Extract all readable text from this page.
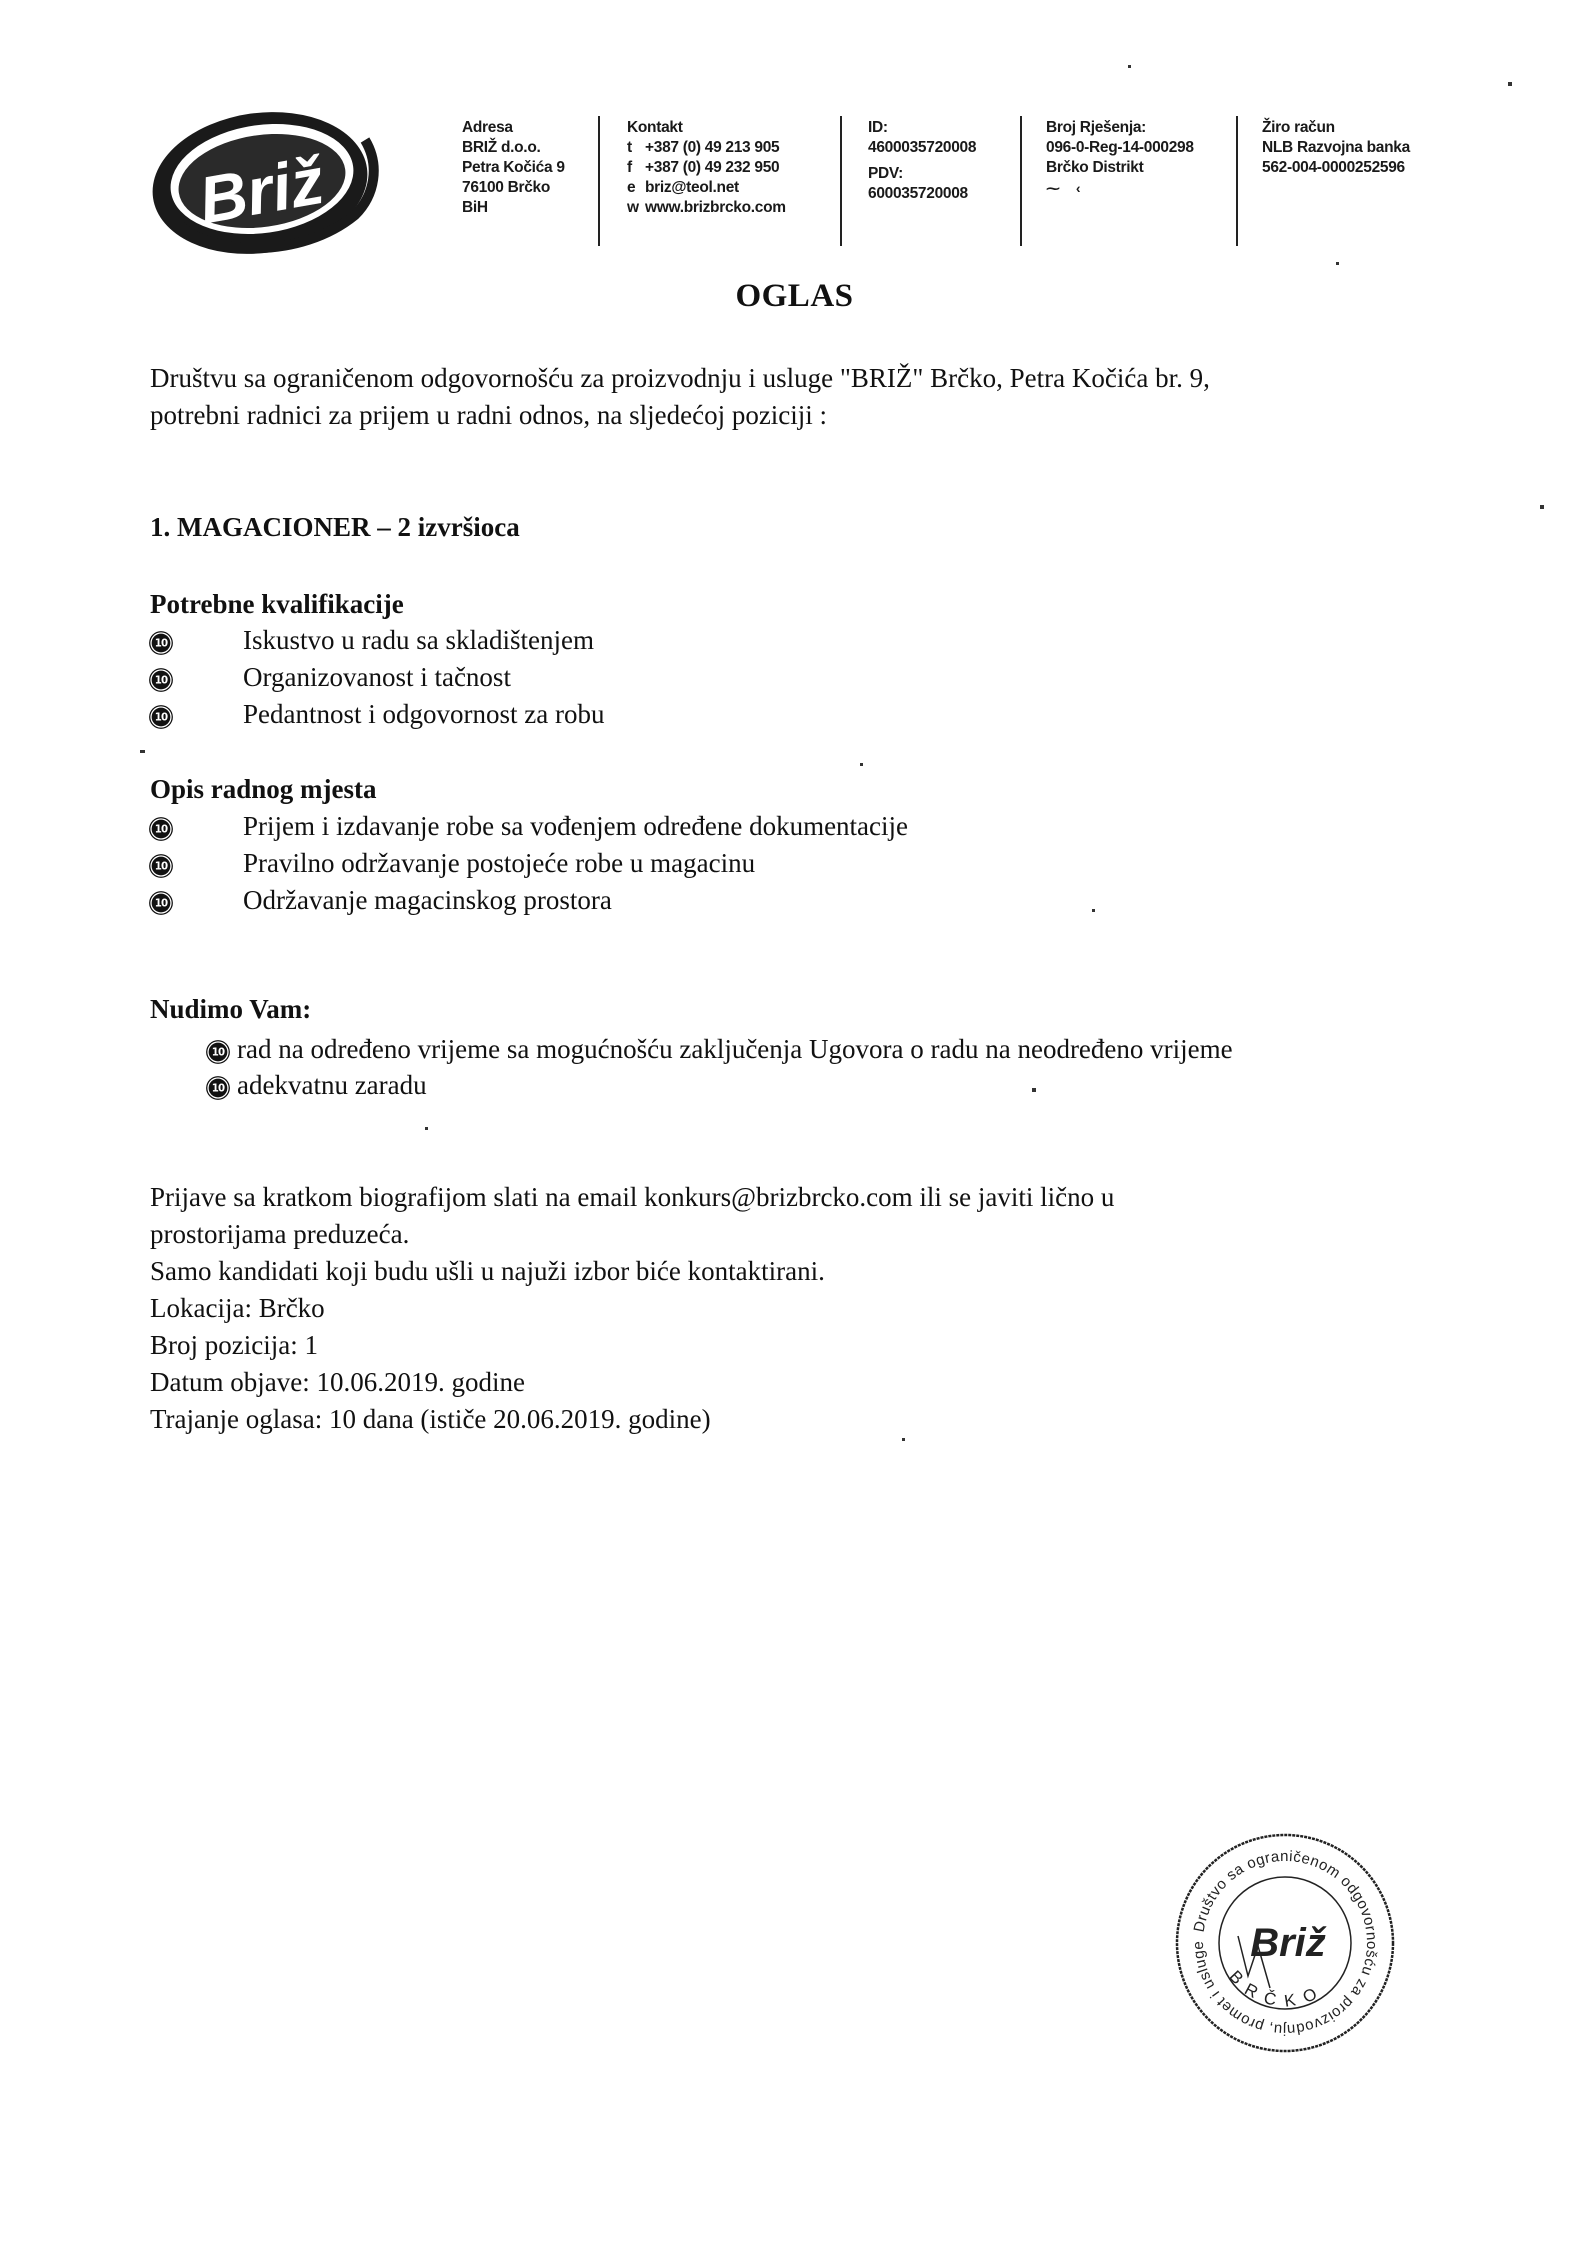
Briž
Adresa
BRIŽ d.o.o.
Petra Kočića 9
76100 Brčko
BiH
Kontakt
t +387 (0) 49 213 905
f +387 (0) 49 232 950
e briz@teol.net
w www.brizbrcko.com
ID:
4600035720008
PDV:
600035720008
Broj Rješenja:
096-0-Reg-14-000298
Brčko Distrikt
⁓ ‹
Žiro račun
NLB Razvojna banka
562-004-0000252596
OGLAS
Društvu sa ograničenom odgovornošću za proizvodnju i usluge "BRIŽ" Brčko, Petra Kočića br. 9,
potrebni radnici za prijem u radni odnos, na sljedećoj poziciji :
1. MAGACIONER – 2 izvršioca
Potrebne kvalifikacije
10	Iskustvo u radu sa skladištenjem
10	Organizovanost i tačnost
10	Pedantnost i odgovornost za robu
Opis radnog mjesta
10	Prijem i izdavanje robe sa vođenjem određene dokumentacije
10	Pravilno održavanje postojeće robe u magacinu
10	Održavanje magacinskog prostora
Nudimo Vam:
10 rad na određeno vrijeme sa mogućnošću zaključenja Ugovora o radu na neodređeno vrijeme
10 adekvatnu zaradu
Prijave sa kratkom biografijom slati na email konkurs@brizbrcko.com ili se javiti lično u
prostorijama preduzeća.
Samo kandidati koji budu ušli u najuži izbor biće kontaktirani.
Lokacija: Brčko
Broj pozicija: 1
Datum objave: 10.06.2019. godine
Trajanje oglasa: 10 dana (ističe 20.06.2019. godine)
Društvo sa ograničenom odgovornošću za proizvodnju, promet i usluge	Briž
BRČKO
